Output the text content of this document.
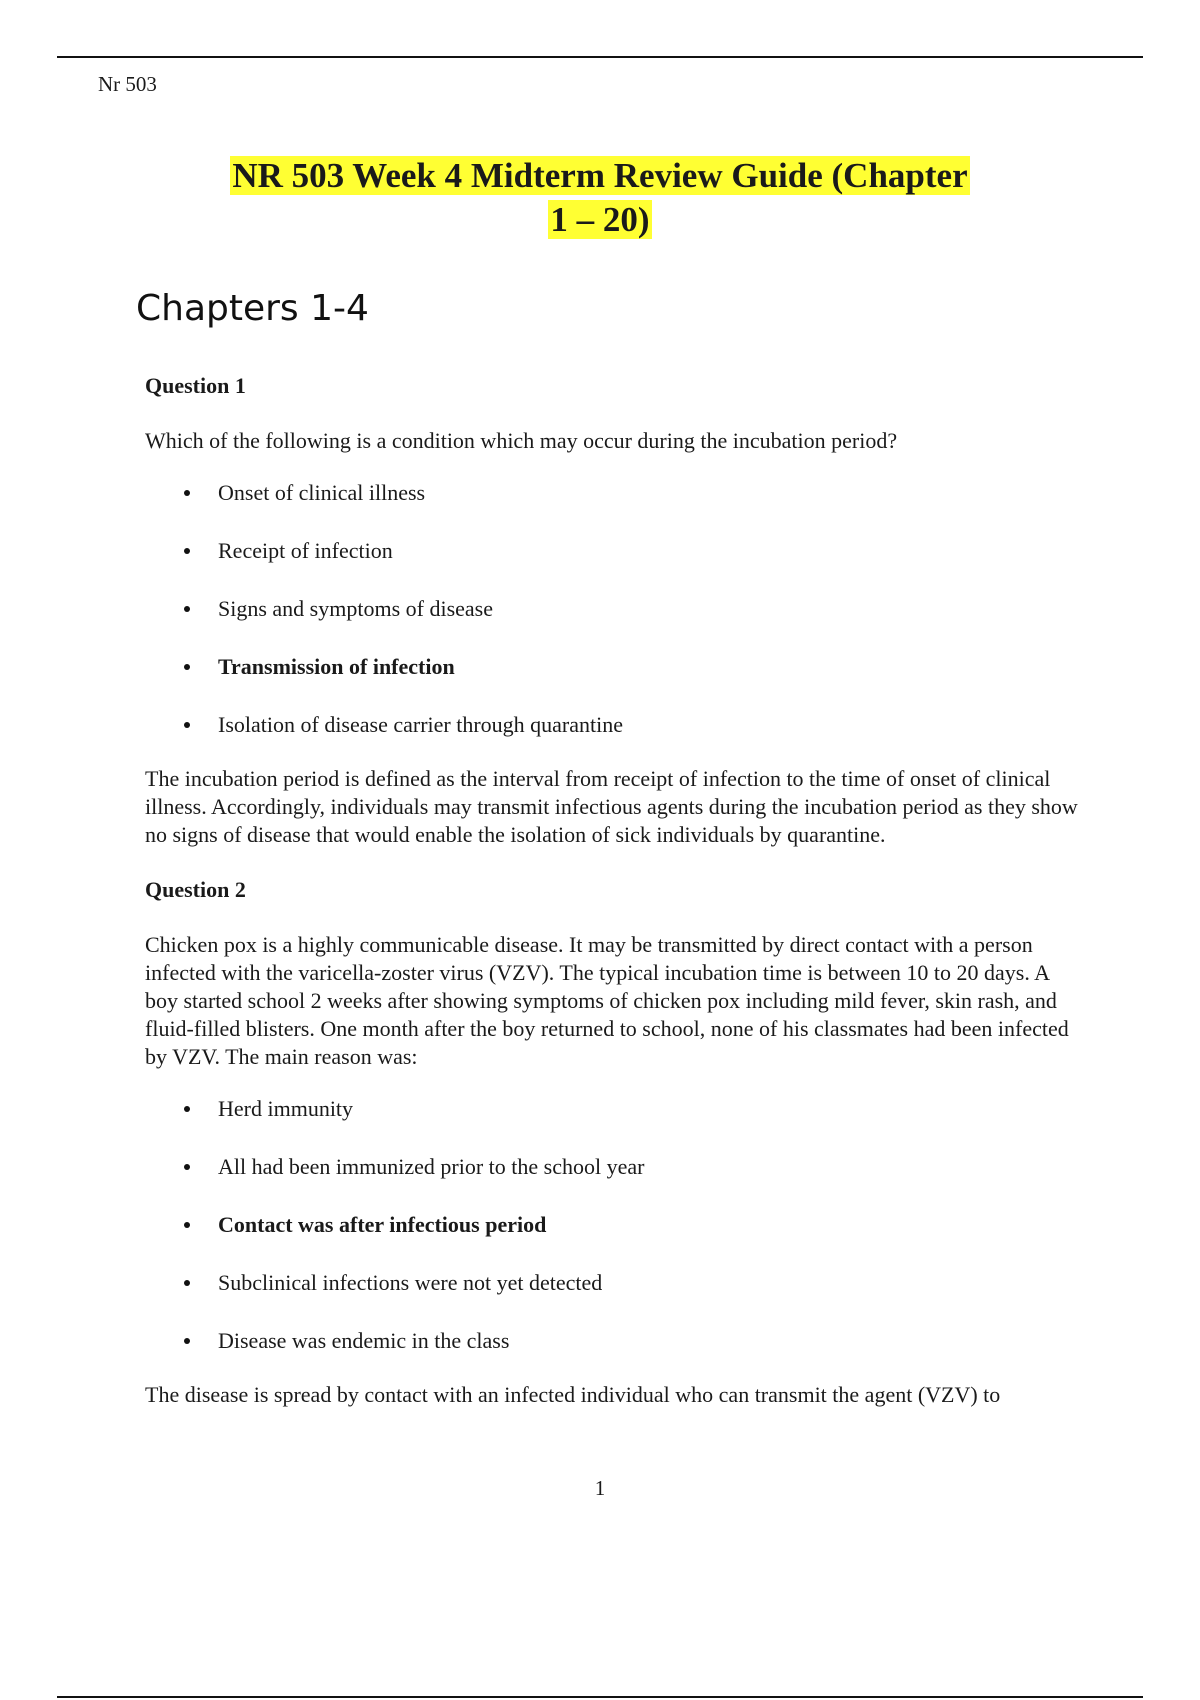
Nr 503
NR 503 Week 4 Midterm Review Guide (Chapter
1 – 20)
Chapters 1-4

Question 1

Which of the following is a condition which may occur during the incubation period?

Onset of clinical illness
Receipt of infection
Signs and symptoms of disease
Transmission of infection
Isolation of disease carrier through quarantine

The incubation period is defined as the interval from receipt of infection to the time of onset of clinical illness. Accordingly, individuals may transmit infectious agents during the incubation period as they show no signs of disease that would enable the isolation of sick individuals by quarantine.

Question 2

Chicken pox is a highly communicable disease. It may be transmitted by direct contact with a person infected with the varicella-zoster virus (VZV). The typical incubation time is between 10 to 20 days. A boy started school 2 weeks after showing symptoms of chicken pox including mild fever, skin rash, and fluid-filled blisters. One month after the boy returned to school, none of his classmates had been infected by VZV. The main reason was:

Herd immunity
All had been immunized prior to the school year
Contact was after infectious period
Subclinical infections were not yet detected
Disease was endemic in the class

The disease is spread by contact with an infected individual who can transmit the agent (VZV) to

1
